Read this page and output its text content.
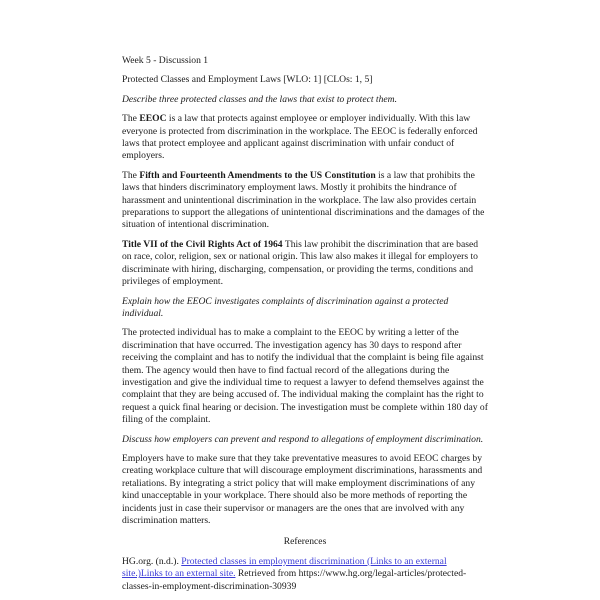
Week 5 - Discussion 1

Protected Classes and Employment Laws [WLO: 1] [CLOs: 1, 5]

Describe three protected classes and the laws that exist to protect them.

The EEOC is a law that protects against employee or employer individually. With this law everyone is protected from discrimination in the workplace. The EEOC is federally enforced laws that protect employee and applicant against discrimination with unfair conduct of employers.

The Fifth and Fourteenth Amendments to the US Constitution is a law that prohibits the laws that hinders discriminatory employment laws. Mostly it prohibits the hindrance of harassment and unintentional discrimination in the workplace. The law also provides certain preparations to support the allegations of unintentional discriminations and the damages of the situation of intentional discrimination.

Title VII of the Civil Rights Act of 1964 This law prohibit the discrimination that are based on race, color, religion, sex or national origin. This law also makes it illegal for employers to discriminate with hiring, discharging, compensation, or providing the terms, conditions and privileges of employment.

Explain how the EEOC investigates complaints of discrimination against a protected individual.

The protected individual has to make a complaint to the EEOC by writing a letter of the discrimination that have occurred. The investigation agency has 30 days to respond after receiving the complaint and has to notify the individual that the complaint is being file against them. The agency would then have to find factual record of the allegations during the investigation and give the individual time to request a lawyer to defend themselves against the complaint that they are being accused of. The individual making the complaint has the right to request a quick final hearing or decision. The investigation must be complete within 180 day of filing of the complaint.

Discuss how employers can prevent and respond to allegations of employment discrimination.

Employers have to make sure that they take preventative measures to avoid EEOC charges by creating workplace culture that will discourage employment discriminations, harassments and retaliations. By integrating a strict policy that will make employment discriminations of any kind unacceptable in your workplace. There should also be more methods of reporting the incidents just in case their supervisor or managers are the ones that are involved with any discrimination matters.

References

HG.org. (n.d.). Protected classes in employment discrimination (Links to an external site.)Links to an external site. Retrieved from https://www.hg.org/legal-articles/protected-classes-in-employment-discrimination-30939
